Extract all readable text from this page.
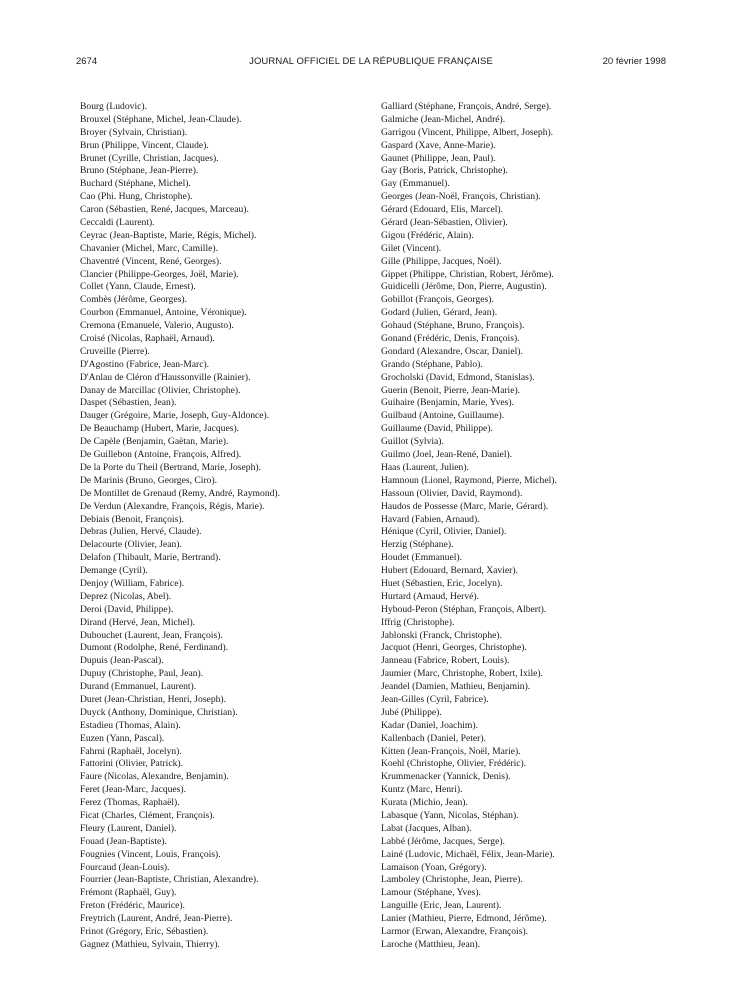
2674	JOURNAL OFFICIEL DE LA RÉPUBLIQUE FRANÇAISE	20 février 1998
Bourg (Ludovic).
Brouxel (Stéphane, Michel, Jean-Claude).
Broyer (Sylvain, Christian).
Brun (Philippe, Vincent, Claude).
Brunet (Cyrille, Christian, Jacques).
Bruno (Stéphane, Jean-Pierre).
Buchard (Stéphane, Michel).
Cao (Phi. Hung, Christophe).
Caron (Sébastien, René, Jacques, Marceau).
Ceccaldi (Laurent).
Ceyrac (Jean-Baptiste, Marie, Régis, Michel).
Chavanier (Michel, Marc, Camille).
Chaventré (Vincent, René, Georges).
Clancier (Philippe-Georges, Joël, Marie).
Collet (Yann, Claude, Ernest).
Combès (Jérôme, Georges).
Courbon (Emmanuel, Antoine, Véronique).
Cremona (Emanuele, Valerio, Augusto).
Croisé (Nicolas, Raphaël, Arnaud).
Cruveille (Pierre).
D'Agostino (Fabrice, Jean-Marc).
D'Anlau de Cléron d'Haussonville (Rainier).
Danay de Marcillac (Olivier, Christophe).
Daspet (Sébastien, Jean).
Dauger (Grégoire, Marie, Joseph, Guy-Aldonce).
De Beauchamp (Hubert, Marie, Jacques).
De Capèle (Benjamin, Gaëtan, Marie).
De Guillebon (Antoine, François, Alfred).
De la Porte du Theil (Bertrand, Marie, Joseph).
De Marinis (Bruno, Georges, Ciro).
De Montillet de Grenaud (Remy, André, Raymond).
De Verdun (Alexandre, François, Régis, Marie).
Debiais (Benoit, François).
Debras (Julien, Hervé, Claude).
Delacourte (Olivier, Jean).
Delafon (Thibault, Marie, Bertrand).
Demange (Cyril).
Denjoy (William, Fabrice).
Deprez (Nicolas, Abel).
Deroi (David, Philippe).
Dirand (Hervé, Jean, Michel).
Dubouchet (Laurent, Jean, François).
Dumont (Rodolphe, René, Ferdinand).
Dupuis (Jean-Pascal).
Dupuy (Christophe, Paul, Jean).
Durand (Emmanuel, Laurent).
Duret (Jean-Christian, Henri, Joseph).
Duyck (Anthony, Dominique, Christian).
Estadieu (Thomas, Alain).
Euzen (Yann, Pascal).
Fahrni (Raphaël, Jocelyn).
Fattorini (Olivier, Patrick).
Faure (Nicolas, Alexandre, Benjamin).
Feret (Jean-Marc, Jacques).
Ferez (Thomas, Raphaël).
Ficat (Charles, Clément, François).
Fleury (Laurent, Daniel).
Fouad (Jean-Baptiste).
Fougnies (Vincent, Louis, François).
Fourcaud (Jean-Louis).
Fourrier (Jean-Baptiste, Christian, Alexandre).
Frémont (Raphaël, Guy).
Freton (Frédéric, Maurice).
Freytrich (Laurent, André, Jean-Pierre).
Frinot (Grégory, Eric, Sébastien).
Gagnez (Mathieu, Sylvain, Thierry).
Galliard (Stéphane, François, André, Serge).
Galmiche (Jean-Michel, André).
Garrigou (Vincent, Philippe, Albert, Joseph).
Gaspard (Xave, Anne-Marie).
Gaunet (Philippe, Jean, Paul).
Gay (Boris, Patrick, Christophe).
Gay (Emmanuel).
Georges (Jean-Noël, François, Christian).
Gérard (Edouard, Elis, Marcel).
Gérard (Jean-Sébastien, Olivier).
Gigou (Frédéric, Alain).
Gilet (Vincent).
Gille (Philippe, Jacques, Noël).
Gippet (Philippe, Christian, Robert, Jérôme).
Guidicelli (Jérôme, Don, Pierre, Augustin).
Gobillot (François, Georges).
Godard (Julien, Gérard, Jean).
Gohaud (Stéphane, Bruno, François).
Gonand (Frédéric, Denis, François).
Gondard (Alexandre, Oscar, Daniel).
Grando (Stéphane, Pablo).
Grocholski (David, Edmond, Stanislas).
Guerin (Benoit, Pierre, Jean-Marie).
Guihaire (Benjamin, Marie, Yves).
Guilbaud (Antoine, Guillaume).
Guillaume (David, Philippe).
Guillot (Sylvia).
Guilmo (Joel, Jean-René, Daniel).
Haas (Laurent, Julien).
Hamnoun (Lionel, Raymond, Pierre, Michel).
Hassoun (Olivier, David, Raymond).
Haudos de Possesse (Marc, Marie, Gérard).
Havard (Fabien, Arnaud).
Hénique (Cyril, Olivier, Daniel).
Herzig (Stéphane).
Houdet (Emmanuel).
Hubert (Edouard, Bernard, Xavier).
Huet (Sébastien, Eric, Jocelyn).
Hurtard (Arnaud, Hervé).
Hyboud-Peron (Stéphan, François, Albert).
Iffrig (Christophe).
Jablonski (Franck, Christophe).
Jacquot (Henri, Georges, Christophe).
Janneau (Fabrice, Robert, Louis).
Jaumier (Marc, Christophe, Robert, Ixile).
Jeandel (Damien, Mathieu, Benjamin).
Jean-Gilles (Cyril, Fabrice).
Jubé (Philippe).
Kadar (Daniel, Joachim).
Kallenbach (Daniel, Peter).
Kitten (Jean-François, Noël, Marie).
Koehl (Christophe, Olivier, Frédéric).
Krummenacker (Yannick, Denis).
Kuntz (Marc, Henri).
Kurata (Michio, Jean).
Labasque (Yann, Nicolas, Stéphan).
Labat (Jacques, Alban).
Labbé (Jérôme, Jacques, Serge).
Lainé (Ludovic, Michaël, Félix, Jean-Marie).
Lamaison (Yoan, Grégory).
Lamboley (Christophe, Jean, Pierre).
Lamour (Stéphane, Yves).
Languille (Eric, Jean, Laurent).
Lanier (Mathieu, Pierre, Edmond, Jérôme).
Larmor (Erwan, Alexandre, François).
Laroche (Matthieu, Jean).
